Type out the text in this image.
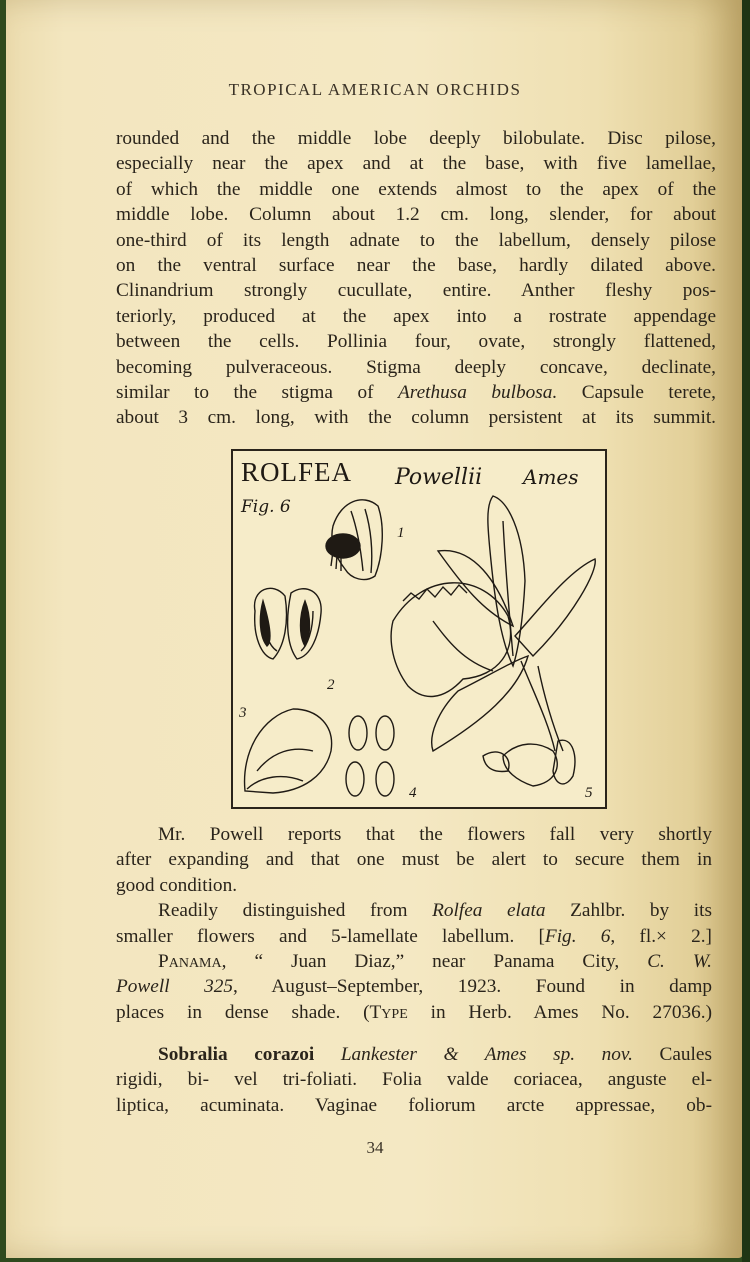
TROPICAL AMERICAN ORCHIDS
rounded and the middle lobe deeply bilobulate. Disc pilose,
especially near the apex and at the base, with five lamellae,
of which the middle one extends almost to the apex of the
middle lobe. Column about 1.2 cm. long, slender, for about
one-third of its length adnate to the labellum, densely pilose
on the ventral surface near the base, hardly dilated above.
Clinandrium strongly cucullate, entire. Anther fleshy pos-
teriorly, produced at the apex into a rostrate appendage
between the cells. Pollinia four, ovate, strongly flattened,
becoming pulveraceous. Stigma deeply concave, declinate,
similar to the stigma of Arethusa bulbosa. Capsule terete,
about 3 cm. long, with the column persistent at its summit.
ROLFEA Powellii Ames
Fig. 6
1
2
3
4	5
Mr. Powell reports that the flowers fall very shortly
after expanding and that one must be alert to secure them in
good condition.
Readily distinguished from Rolfea elata Zahlbr. by its
smaller flowers and 5-lamellate labellum. [Fig. 6, fl.× 2.]
Panama, “ Juan Diaz,” near Panama City, C. W.
Powell 325, August–September, 1923. Found in damp
places in dense shade. (Type in Herb. Ames No. 27036.)
Sobralia corazoi Lankester & Ames sp. nov. Caules
rigidi, bi- vel tri-foliati. Folia valde coriacea, anguste el-
liptica, acuminata. Vaginae foliorum arcte appressae, ob-
34
